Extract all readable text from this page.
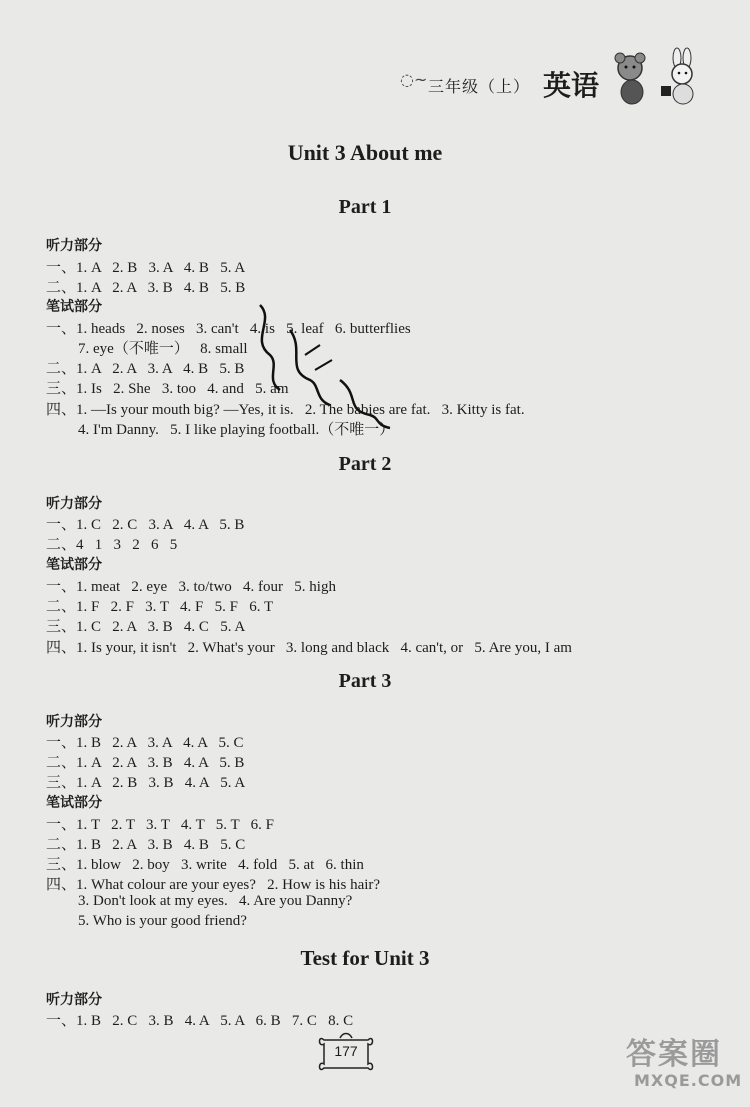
◌~ 三年级（上） 英语
Unit 3 About me
Part 1
听力部分
一、1. A   2. B   3. A   4. B   5. A
二、1. A   2. A   3. B   4. B   5. B
笔试部分
一、1. heads   2. noses   3. can't   4. is   5. leaf   6. butterflies
7. eye（不唯一）   8. small
二、1. A   2. A   3. A   4. B   5. B
三、1. Is   2. She   3. too   4. and   5. am
四、1. —Is your mouth big? —Yes, it is.   2. The babies are fat.   3. Kitty is fat.
4. I'm Danny.   5. I like playing football.（不唯一）
Part 2
听力部分
一、1. C   2. C   3. A   4. A   5. B
二、4   1   3   2   6   5
笔试部分
一、1. meat   2. eye   3. to/two   4. four   5. high
二、1. F   2. F   3. T   4. F   5. F   6. T
三、1. C   2. A   3. B   4. C   5. A
四、1. Is your, it isn't   2. What's your   3. long and black   4. can't, or   5. Are you, I am
Part 3
听力部分
一、1. B   2. A   3. A   4. A   5. C
二、1. A   2. A   3. B   4. A   5. B
三、1. A   2. B   3. B   4. A   5. A
笔试部分
一、1. T   2. T   3. T   4. T   5. T   6. F
二、1. B   2. A   3. B   4. B   5. C
三、1. blow   2. boy   3. write   4. fold   5. at   6. thin
四、1. What colour are your eyes?   2. How is his hair?
3. Don't look at my eyes.   4. Are you Danny?
5. Who is your good friend?
Test for Unit 3
听力部分
一、1. B   2. C   3. B   4. A   5. A   6. B   7. C   8. C
177	答案圈
MXQE.COM
